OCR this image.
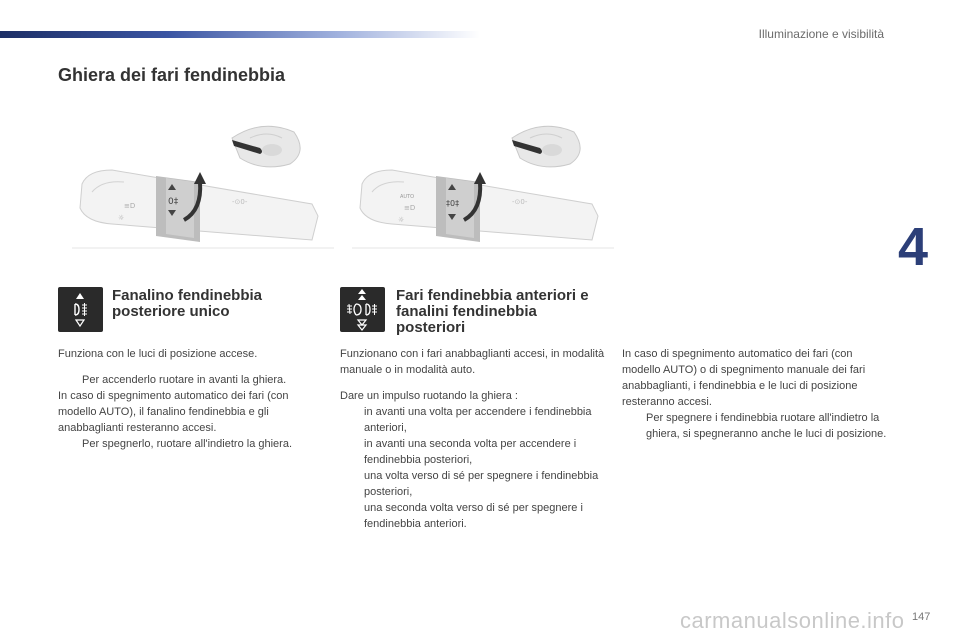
Illuminazione e visibilità
4
Ghiera dei fari fendinebbia
0‡
≡D
☼
-⊙0-	‡0‡
AUTO
≡D
☼
-⊙0-
Fanalino fendinebbia posteriore unico
Fari fendinebbia anteriori e fanalini fendinebbia posteriori

Funziona con le luci di posizione accese.

Per accenderlo ruotare in avanti la ghiera.

In caso di spegnimento automatico dei fari (con modello AUTO), il fanalino fendinebbia e gli anabbaglianti resteranno accesi.

Per spegnerlo, ruotare all'indietro la ghiera.

Funzionano con i fari anabbaglianti accesi, in modalità manuale o in modalità auto.

Dare un impulso ruotando la ghiera :

in avanti una volta per accendere i fendinebbia anteriori,

in avanti una seconda volta per accendere i fendinebbia posteriori,

una volta verso di sé per spegnere i fendinebbia posteriori,

una seconda volta verso di sé per spegnere i fendinebbia anteriori.

In caso di spegnimento automatico dei fari (con modello AUTO) o di spegnimento manuale dei fari anabbaglianti, i fendinebbia e le luci di posizione resteranno accesi.

Per spegnere i fendinebbia ruotare all'indietro la ghiera, si spegneranno anche le luci di posizione.

carmanualsonline.info 147
